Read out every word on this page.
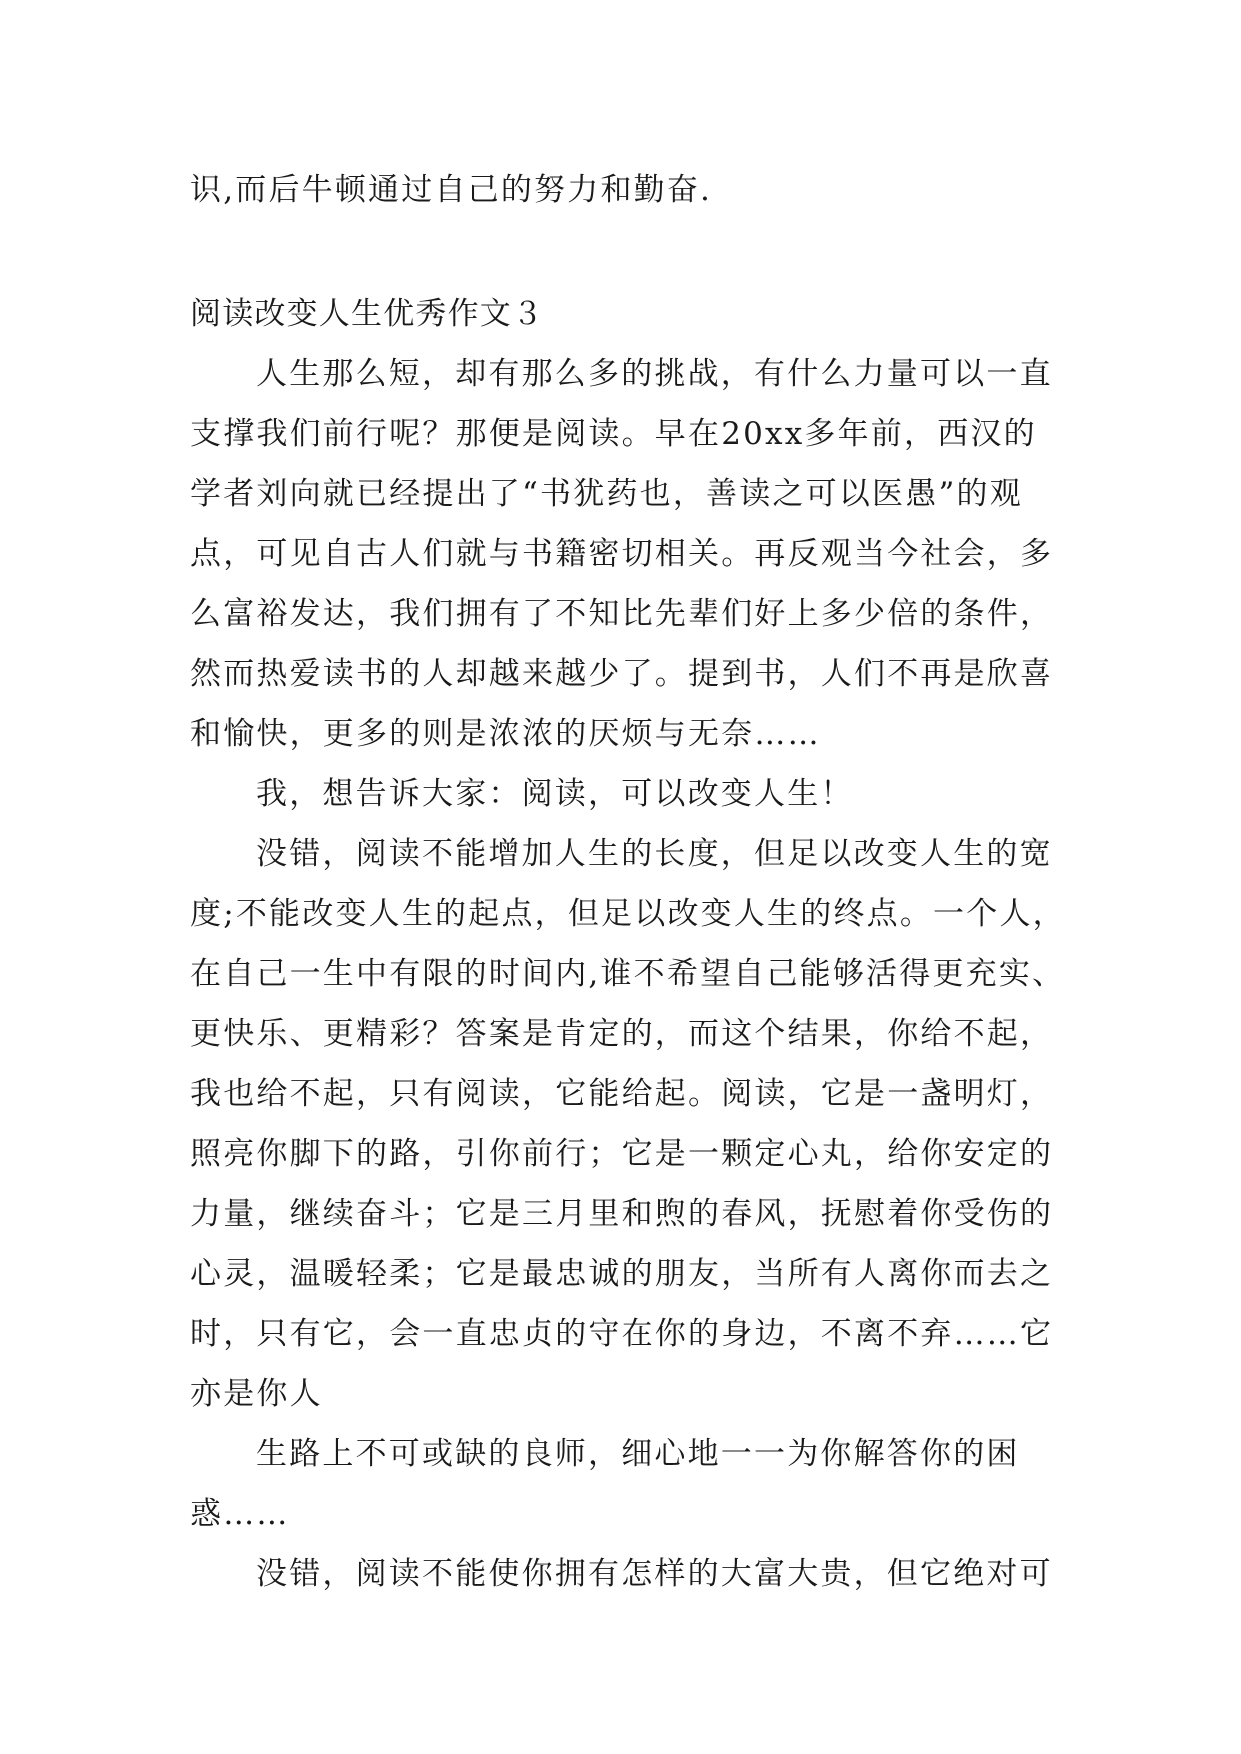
识,而后牛顿通过自己的努力和勤奋.
阅读改变人生优秀作文３
人生那么短，却有那么多的挑战，有什么力量可以一直
支撑我们前行呢？那便是阅读。早在20xx多年前，西汉的
学者刘向就已经提出了“书犹药也，善读之可以医愚”的观
点，可见自古人们就与书籍密切相关。再反观当今社会，多
么富裕发达，我们拥有了不知比先辈们好上多少倍的条件，
然而热爱读书的人却越来越少了。提到书，人们不再是欣喜
和愉快，更多的则是浓浓的厌烦与无奈……
我，想告诉大家：阅读，可以改变人生！
没错，阅读不能增加人生的长度，但足以改变人生的宽
度;不能改变人生的起点，但足以改变人生的终点。一个人，
在自己一生中有限的时间内,谁不希望自己能够活得更充实、
更快乐、更精彩？答案是肯定的，而这个结果，你给不起，
我也给不起，只有阅读，它能给起。阅读，它是一盏明灯，
照亮你脚下的路，引你前行；它是一颗定心丸，给你安定的
力量，继续奋斗；它是三月里和煦的春风，抚慰着你受伤的
心灵，温暖轻柔；它是最忠诚的朋友，当所有人离你而去之
时，只有它，会一直忠贞的守在你的身边，不离不弃……它
亦是你人
生路上不可或缺的良师，细心地一一为你解答你的困
惑……
没错，阅读不能使你拥有怎样的大富大贵，但它绝对可
